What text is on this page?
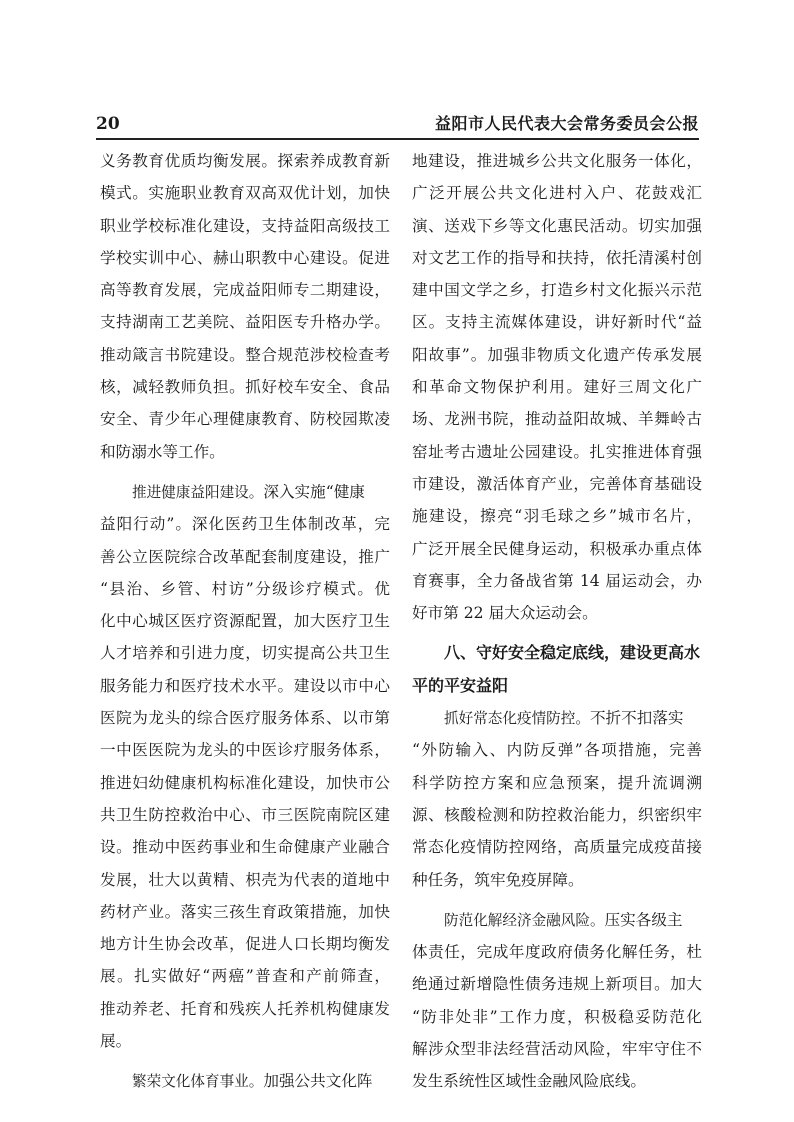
20	益阳市人民代表大会常务委员会公报
义务教育优质均衡发展。探索养成教育新
模式。实施职业教育双高双优计划，加快
职业学校标准化建设，支持益阳高级技工
学校实训中心、赫山职教中心建设。促进
高等教育发展，完成益阳师专二期建设，
支持湖南工艺美院、益阳医专升格办学。
推动箴言书院建设。整合规范涉校检查考
核，减轻教师负担。抓好校车安全、食品
安全、青少年心理健康教育、防校园欺凌
和防溺水等工作。
推进健康益阳建设。深入实施“健康
益阳行动”。深化医药卫生体制改革，完
善公立医院综合改革配套制度建设，推广
“县治、乡管、村访”分级诊疗模式。优
化中心城区医疗资源配置，加大医疗卫生
人才培养和引进力度，切实提高公共卫生
服务能力和医疗技术水平。建设以市中心
医院为龙头的综合医疗服务体系、以市第
一中医医院为龙头的中医诊疗服务体系，
推进妇幼健康机构标准化建设，加快市公
共卫生防控救治中心、市三医院南院区建
设。推动中医药事业和生命健康产业融合
发展，壮大以黄精、枳壳为代表的道地中
药材产业。落实三孩生育政策措施，加快
地方计生协会改革，促进人口长期均衡发
展。扎实做好“两癌”普查和产前筛查，
推动养老、托育和残疾人托养机构健康发
展。
繁荣文化体育事业。加强公共文化阵
地建设，推进城乡公共文化服务一体化，
广泛开展公共文化进村入户、花鼓戏汇
演、送戏下乡等文化惠民活动。切实加强
对文艺工作的指导和扶持，依托清溪村创
建中国文学之乡，打造乡村文化振兴示范
区。支持主流媒体建设，讲好新时代“益
阳故事”。加强非物质文化遗产传承发展
和革命文物保护利用。建好三周文化广
场、龙洲书院，推动益阳故城、羊舞岭古
窑址考古遗址公园建设。扎实推进体育强
市建设，激活体育产业，完善体育基础设
施建设，擦亮“羽毛球之乡”城市名片，
广泛开展全民健身运动，积极承办重点体
育赛事，全力备战省第 14 届运动会，办
好市第 22 届大众运动会。
八、守好安全稳定底线，建设更高水
平的平安益阳
抓好常态化疫情防控。不折不扣落实
“外防输入、内防反弹”各项措施，完善
科学防控方案和应急预案，提升流调溯
源、核酸检测和防控救治能力，织密织牢
常态化疫情防控网络，高质量完成疫苗接
种任务，筑牢免疫屏障。
防范化解经济金融风险。压实各级主
体责任，完成年度政府债务化解任务，杜
绝通过新增隐性债务违规上新项目。加大
“防非处非”工作力度，积极稳妥防范化
解涉众型非法经营活动风险，牢牢守住不
发生系统性区域性金融风险底线。
